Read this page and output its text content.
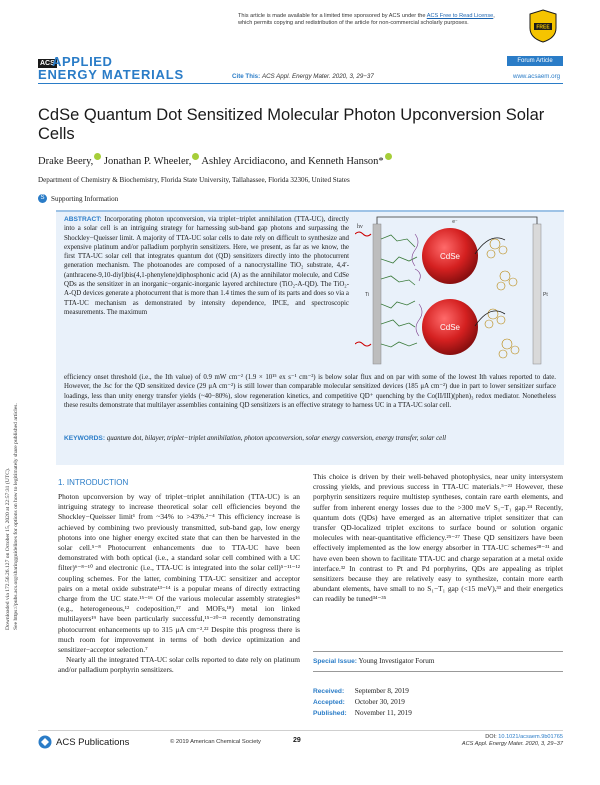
This article is made available for a limited time sponsored by ACS under the ACS Free to Read License, which permits copying and redistribution of the article for non-commercial scholarly purposes.
FREE
ACS
APPLIED
ENERGY MATERIALS	Cite This: ACS Appl. Energy Mater. 2020, 3, 29−37
Forum Article
www.acsaem.org
CdSe Quantum Dot Sensitized Molecular Photon Upconversion Solar Cells
Drake Beery, Jonathan P. Wheeler, Ashley Arcidiacono, and Kenneth Hanson*
Department of Chemistry & Biochemistry, Florida State University, Tallahassee, Florida 32306, United States
S Supporting Information
Downloaded via 172.56.26.127 on October 15, 2020 at 22:57:31 (UTC). See https://pubs.acs.org/sharingguidelines for options on how to legitimately share published articles.
ABSTRACT: Incorporating photon upconversion, via triplet−triplet annihilation (TTA-UC), directly into a solar cell is an intriguing strategy for harnessing sub-band gap photons and surpassing the Shockley−Queisser limit. A majority of TTA-UC solar cells to date rely on difficult to synthesize and expensive platinum and/or palladium porphyrin sensitizers. Here, we present, as far as we know, the first TTA-UC solar cell that integrates quantum dot (QD) sensitizers directly into the photocurrent generation mechanism. The photoanodes are composed of a nanocrystalline TiO₂ substrate, 4,4′-(anthracene-9,10-diyl)bis(4,1-phenylene)diphosphonic acid (A) as the annihilator molecule, and CdSe QDs as the sensitizer in an inorganic−organic-inorganic layered architecture (TiO₂-A-QD). The TiO₂-A-QD devices generate a photocurrent that is more than 1.4 times the sum of its parts and does so via a TTA-UC mechanism as demonstrated by intensity dependence, IPCE, and spectroscopic measurements. The maximum
efficiency onset threshold (i.e., the Ith value) of 0.9 mW cm⁻² (1.9 × 10¹⁵ ex s⁻¹ cm⁻²) is below solar flux and on par with some of the lowest Ith values reported to date. However, the Jsc for the QD sensitized device (29 μA cm⁻²) is still lower than comparable molecular sensitized devices (185 μA cm⁻²) due in part to lower sensitizer surface loadings, less than unity energy transfer yields (~40−80%), slow regeneration kinetics, and competitive QD⁺ quenching by the Co(II/III)(phen)₃ redox mediator. Nonetheless these results demonstrate that multilayer assemblies containing QD sensitizers is an effective strategy to harness UC in a TTA-UC solar cell.
KEYWORDS: quantum dot, bilayer, triplet−triplet annihilation, photon upconversion, solar energy conversion, energy transfer, solar cell
Ti
hν
CdSe
CdSe
Pt
e⁻
1. INTRODUCTION

Photon upconversion by way of triplet−triplet annihilation (TTA-UC) is an intriguing strategy to increase theoretical solar cell efficiencies beyond the Shockley−Queisser limit¹ from ~34% to >43%.²⁻⁴ This efficiency increase is achieved by combining two previously transmitted, sub-band gap, low energy photons into one higher energy excited state that can then be harvested in the solar cell.⁵⁻⁸ Photocurrent enhancements due to TTA-UC have been demonstrated with both optical (i.e., a standard solar cell combined with a UC filter)⁶⁻⁸⁻¹⁰ and electronic (i.e., TTA-UC is integrated into the solar cell)⁵⁻¹¹⁻¹² coupling schemes. For the latter, combining TTA-UC sensitizer and acceptor pairs on a metal oxide substrate¹³⁻¹⁴ is a popular means of directly extracting charge from the UC state.¹⁵⁻¹⁶ Of the various molecular assembly strategies¹⁶ (e.g., heterogeneous,¹² codeposition,¹⁷ and MOFs,¹⁸) metal ion linked multilayers¹⁹ have been particularly successful,¹⁵⁻²⁰⁻²¹ recently demonstrating photocurrent enhancements up to 315 μA cm⁻².²² Despite this progress there is much room for improvement in terms of both device optimization and sensitizer−acceptor selection.⁷

Nearly all the integrated TTA-UC solar cells reported to date rely on platinum and/or palladium porphyrin sensitizers.

This choice is driven by their well-behaved photophysics, near unity intersystem crossing yields, and previous success in TTA-UC materials.⁵⁻²³ However, these porphyrin sensitizers require multistep syntheses, contain rare earth elements, and suffer from inherent energy losses due to the >300 meV S₁−T₁ gap.²⁴ Recently, quantum dots (QDs) have emerged as an alternative triplet sensitizer that can transfer QD-localized triplet excitons to surface bound or solution organic molecules with near-quantitative efficiency.²⁵⁻²⁷ These QD sensitizers have been effectively implemented as the low energy absorber in TTA-UC schemes²⁸⁻³¹ and have even been shown to facilitate TTA-UC and charge separation at a metal oxide interface.³² In contrast to Pt and Pd porphyrins, QDs are appealing as triplet sensitizers because they are relatively easy to synthesize, contain more earth abundant elements, have small to no S₁−T₁ gap (<15 meV),³³ and their energetics can readily be tuned³⁴⁻³⁵

Special Issue: Young Investigator Forum
Received: September 8, 2019
Accepted: October 30, 2019
Published: November 11, 2019
ACS Publications	© 2019 American Chemical Society	29	DOI: 10.1021/acsaem.9b01765
ACS Appl. Energy Mater. 2020, 3, 29−37
